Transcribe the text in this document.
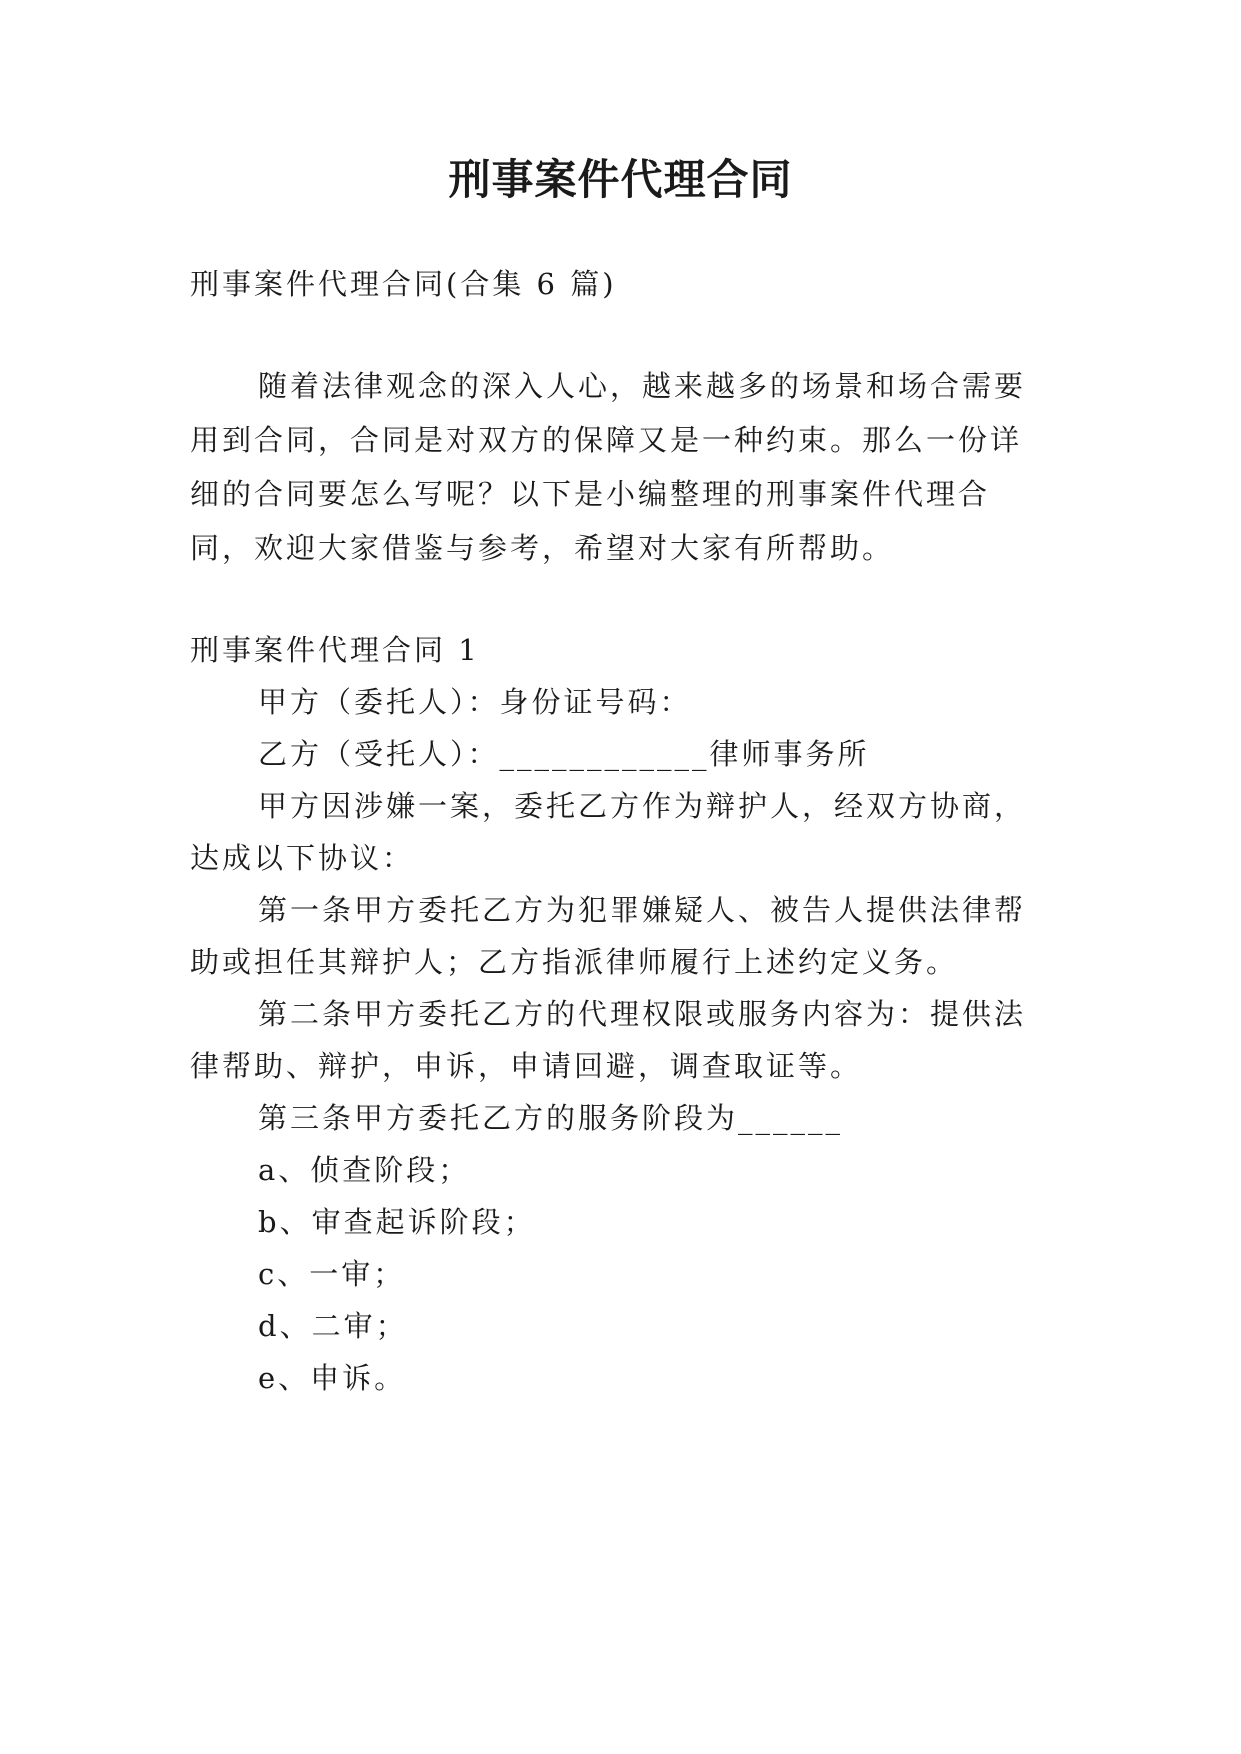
刑事案件代理合同
刑事案件代理合同(合集 6 篇)
随着法律观念的深入人心，越来越多的场景和场合需要
用到合同，合同是对双方的保障又是一种约束。那么一份详
细的合同要怎么写呢？以下是小编整理的刑事案件代理合
同，欢迎大家借鉴与参考，希望对大家有所帮助。
刑事案件代理合同 1
甲方（委托人）：身份证号码：
乙方（受托人）：____________律师事务所
甲方因涉嫌一案，委托乙方作为辩护人，经双方协商，
达成以下协议：
第一条甲方委托乙方为犯罪嫌疑人、被告人提供法律帮
助或担任其辩护人；乙方指派律师履行上述约定义务。
第二条甲方委托乙方的代理权限或服务内容为：提供法
律帮助、辩护，申诉，申请回避，调查取证等。
第三条甲方委托乙方的服务阶段为______
a、侦查阶段；
b、审查起诉阶段；
c、一审；
d、二审；
e、申诉。
